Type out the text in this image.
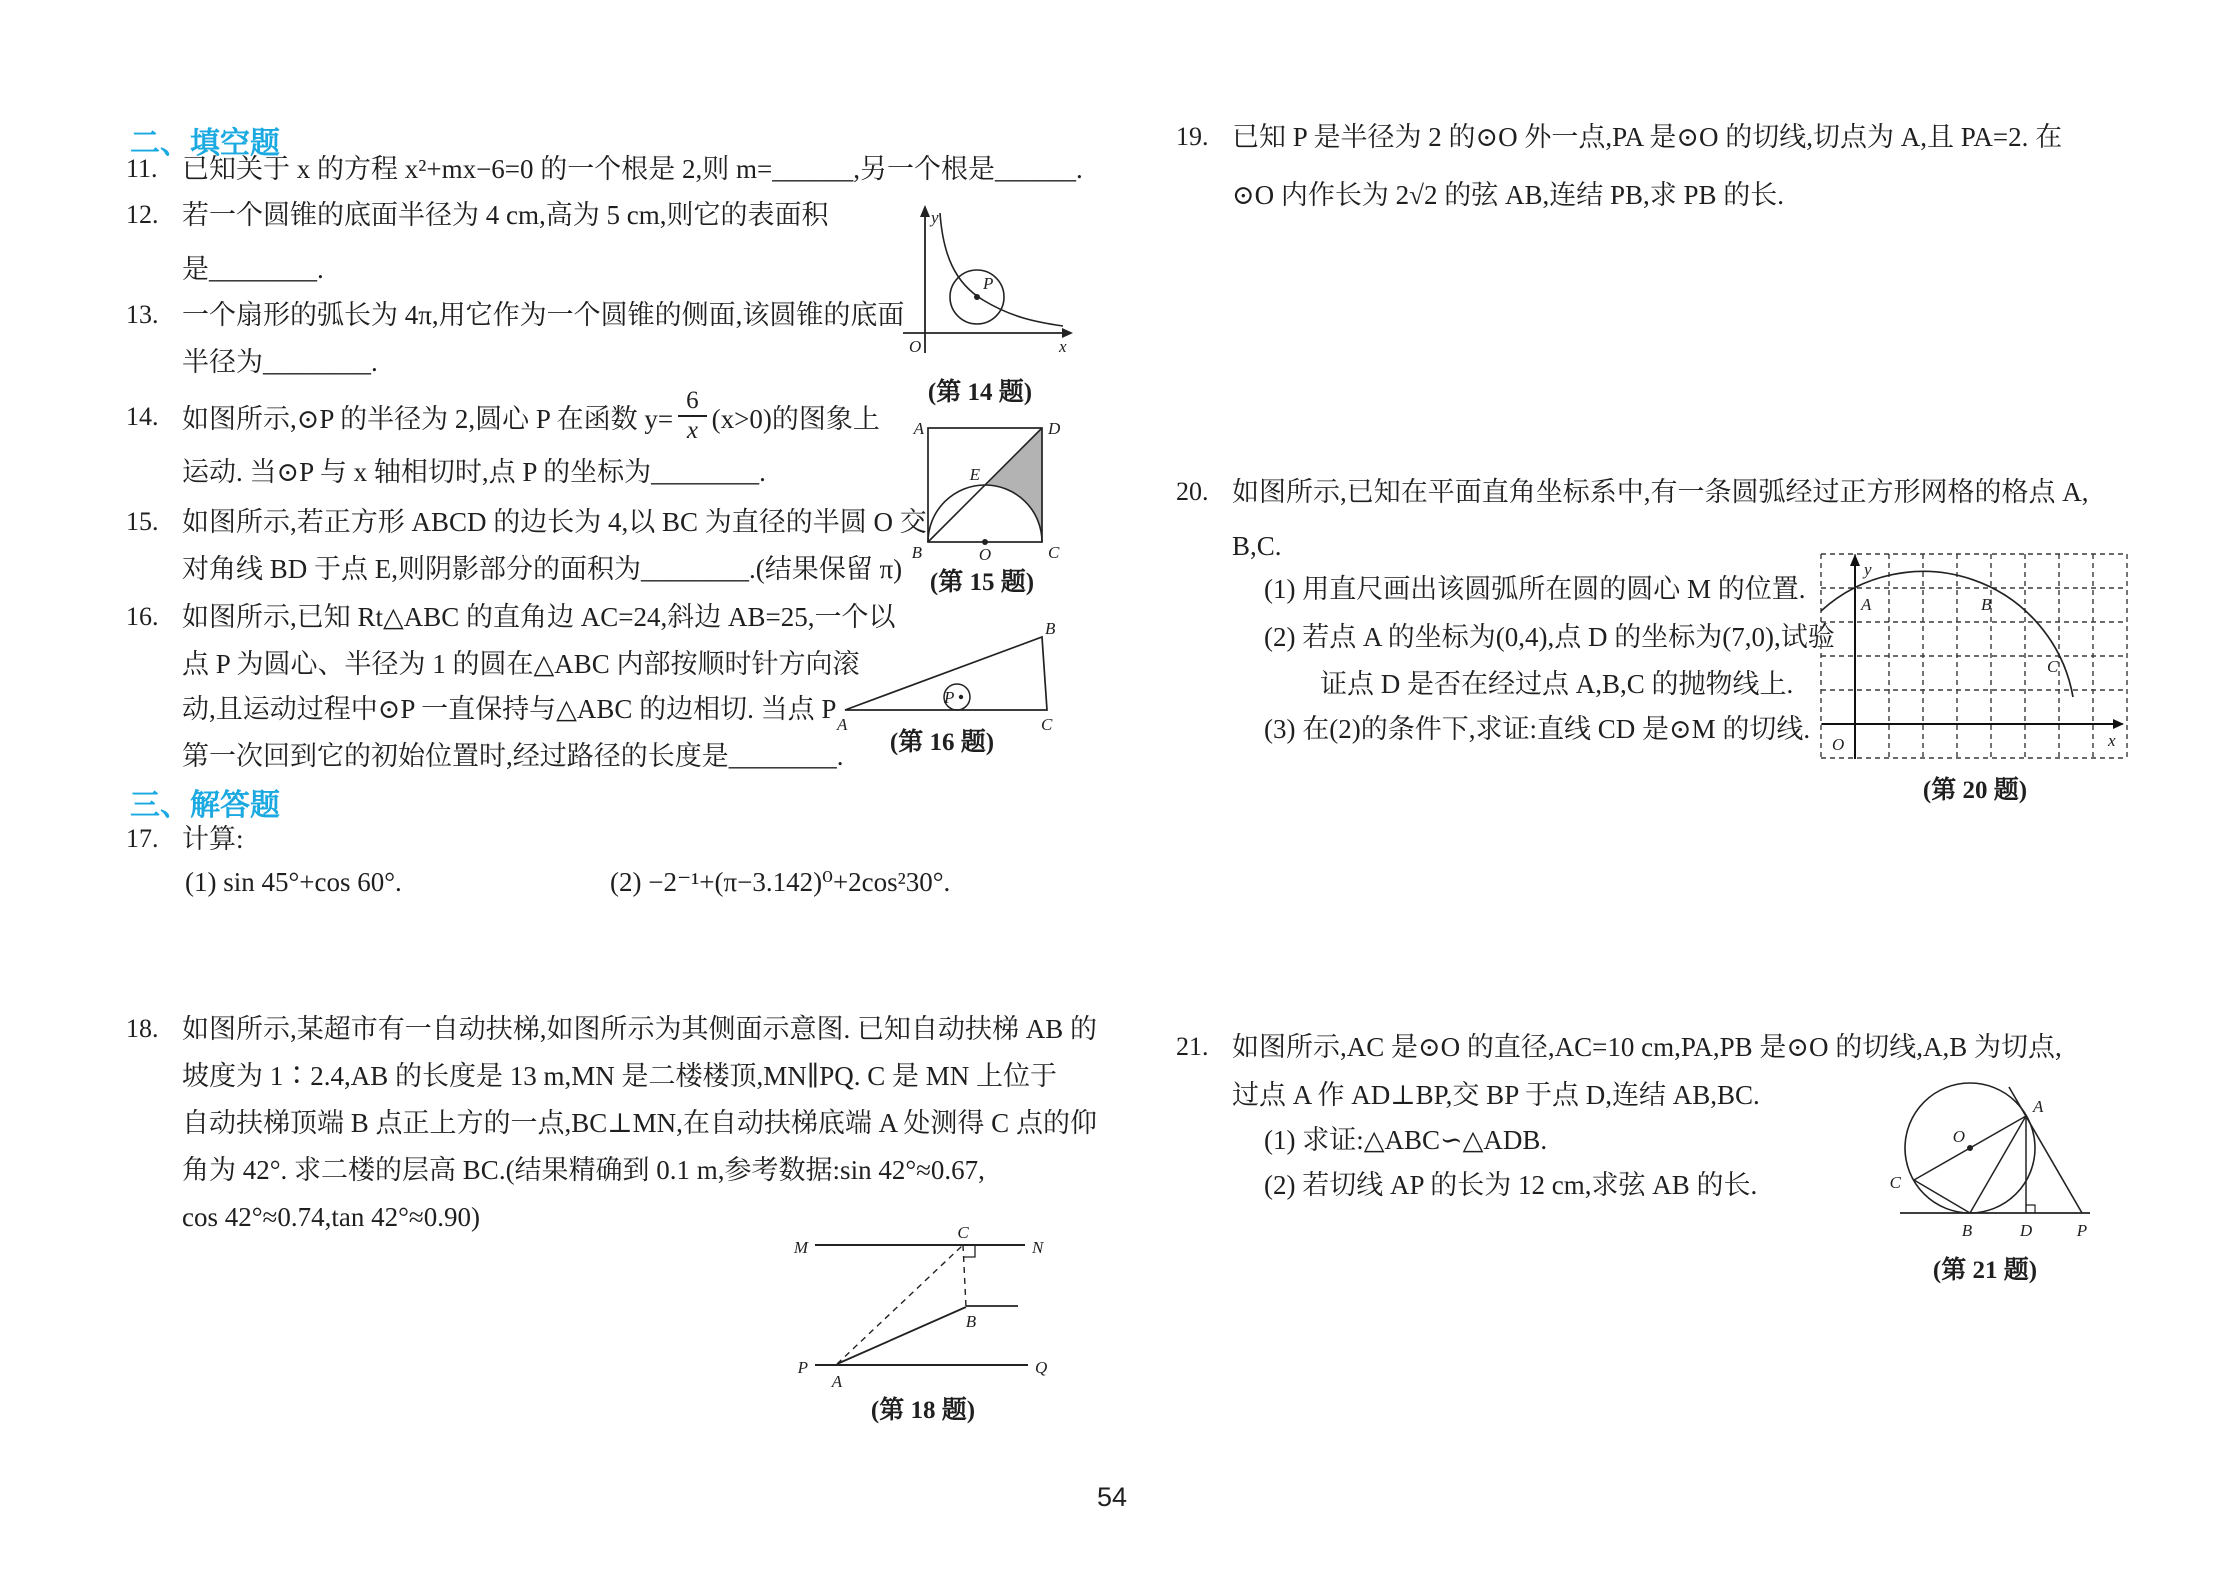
二、填空题
11. 已知关于 x 的方程 x²+mx−6=0 的一个根是 2,则 m=______,另一个根是______.
12. 若一个圆锥的底面半径为 4 cm,高为 5 cm,则它的表面积
是________.
13. 一个扇形的弧长为 4π,用它作为一个圆锥的侧面,该圆锥的底面
半径为________.
14. 如图所示,⊙P 的半径为 2,圆心 P 在函数 $y= \frac{6}{x} (x>0)$的图象上
运动. 当⊙P 与 x 轴相切时,点 P 的坐标为________.
15. 如图所示,若正方形 ABCD 的边长为 4,以 BC 为直径的半圆 O 交
对角线 BD 于点 E,则阴影部分的面积为________.(结果保留 π)
16. 如图所示,已知 Rt△ABC 的直角边 AC=24,斜边 AB=25,一个以
点 P 为圆心、半径为 1 的圆在△ABC 内部按顺时针方向滚
动,且运动过程中⊙P 一直保持与△ABC 的边相切. 当点 P
第一次回到它的初始位置时,经过路径的长度是________.
三、解答题
17. 计算:
(1) sin 45°+cos 60°.	(2) −2⁻¹+(π−3.142)⁰+2cos²30°.
18. 如图所示,某超市有一自动扶梯,如图所示为其侧面示意图. 已知自动扶梯 AB 的
坡度为 1∶2.4,AB 的长度是 13 m,MN 是二楼楼顶,MN∥PQ. C 是 MN 上位于
自动扶梯顶端 B 点正上方的一点,BC⊥MN,在自动扶梯底端 A 处测得 C 点的仰
角为 42°. 求二楼的层高 BC.(结果精确到 0.1 m,参考数据:sin 42°≈0.67,
cos 42°≈0.74,tan 42°≈0.90)
19. 已知 P 是半径为 2 的⊙O 外一点,PA 是⊙O 的切线,切点为 A,且 PA=2. 在
⊙O 内作长为 2√2 的弦 AB,连结 PB,求 PB 的长.
20. 如图所示,已知在平面直角坐标系中,有一条圆弧经过正方形网格的格点 A,
B,C.
(1) 用直尺画出该圆弧所在圆的圆心 M 的位置.
(2) 若点 A 的坐标为(0,4),点 D 的坐标为(7,0),试验
证点 D 是否在经过点 A,B,C 的抛物线上.
(3) 在(2)的条件下,求证:直线 CD 是⊙M 的切线.
21. 如图所示,AC 是⊙O 的直径,AC=10 cm,PA,PB 是⊙O 的切线,A,B 为切点,
过点 A 作 AD⊥BP,交 BP 于点 D,连结 AB,BC.
(1) 求证:△ABC∽△ADB.
(2) 若切线 AP 的长为 12 cm,求弦 AB 的长.
P
O
y
x
(第 14 题)
A	D
B	C
O
E
(第 15 题)
P
A
B
C
(第 16 题)
M	N
C
B
P	Q
A
(第 18 题)
y
x
O
A	B
C
(第 20 题)
O
A
C
B	D	P
(第 21 题)
54
